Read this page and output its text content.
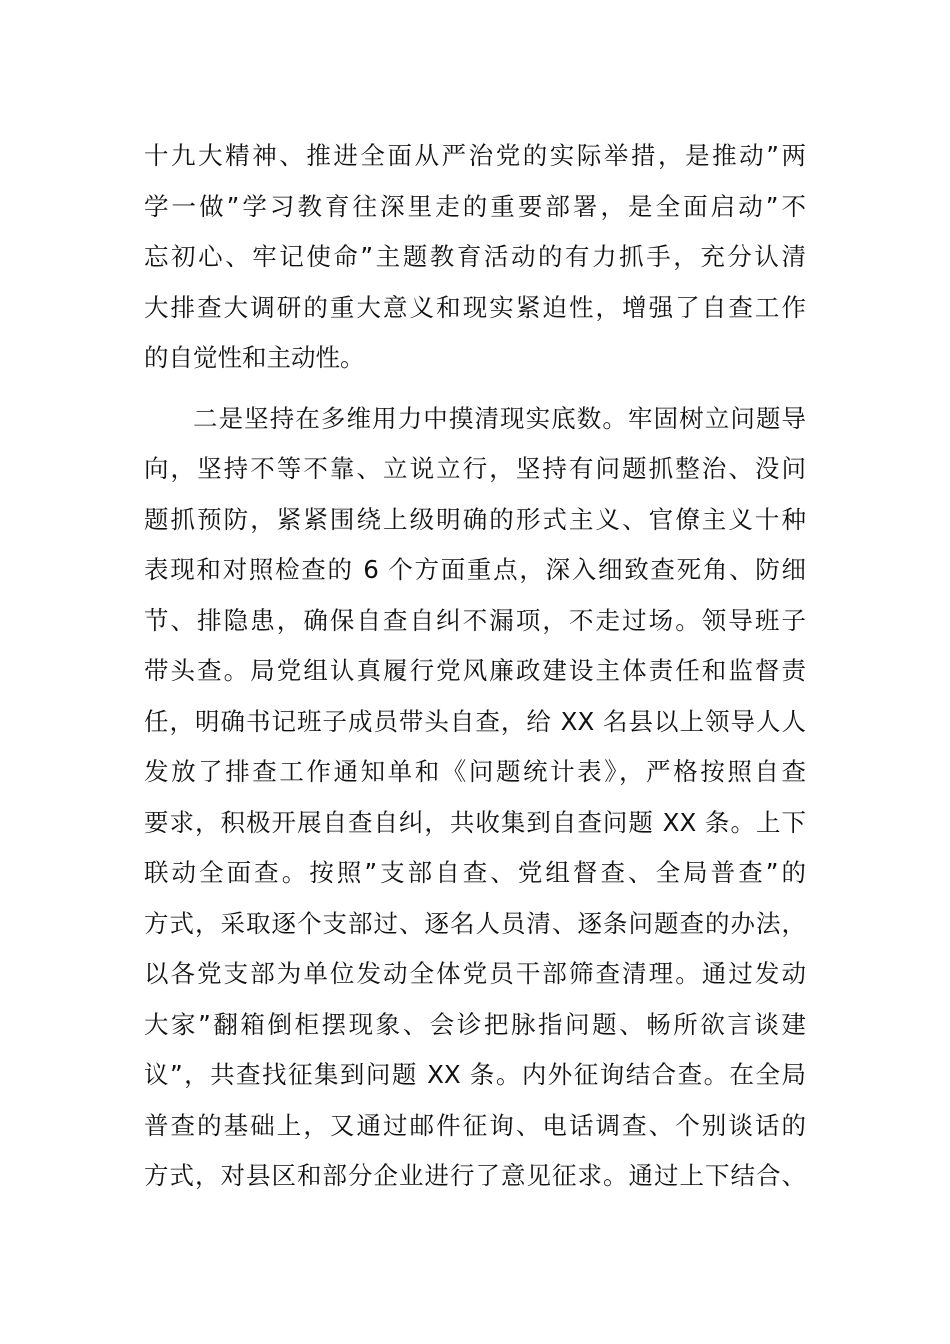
十九大精神、推进全面从严治党的实际举措，是推动”两
学一做”学习教育往深里走的重要部署，是全面启动”不
忘初心、牢记使命”主题教育活动的有力抓手，充分认清
大排查大调研的重大意义和现实紧迫性，增强了自查工作
的自觉性和主动性。
二是坚持在多维用力中摸清现实底数。牢固树立问题导
向，坚持不等不靠、立说立行，坚持有问题抓整治、没问
题抓预防，紧紧围绕上级明确的形式主义、官僚主义十种
表现和对照检查的 6 个方面重点，深入细致查死角、防细
节、排隐患，确保自查自纠不漏项，不走过场。领导班子
带头查。局党组认真履行党风廉政建设主体责任和监督责
任，明确书记班子成员带头自查，给 XX 名县以上领导人人
发放了排查工作通知单和《问题统计表》，严格按照自查
要求，积极开展自查自纠，共收集到自查问题 XX 条。上下
联动全面查。按照”支部自查、党组督查、全局普查”的
方式，采取逐个支部过、逐名人员清、逐条问题查的办法，
以各党支部为单位发动全体党员干部筛查清理。通过发动
大家”翻箱倒柜摆现象、会诊把脉指问题、畅所欲言谈建
议”，共查找征集到问题 XX 条。内外征询结合查。在全局
普查的基础上，又通过邮件征询、电话调查、个别谈话的
方式，对县区和部分企业进行了意见征求。通过上下结合、
